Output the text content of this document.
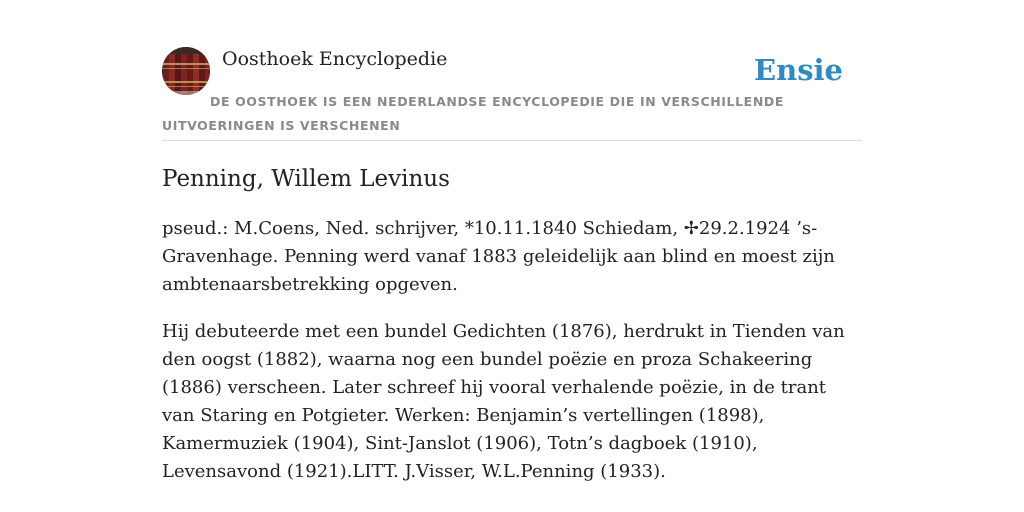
Oosthoek Encyclopedie	Ensie
DE OOSTHOEK IS EEN NEDERLANDSE ENCYCLOPEDIE DIE IN VERSCHILLENDE UITVOERINGEN IS VERSCHENEN
Penning, Willem Levinus

pseud.: M.Coens, Ned. schrijver, *10.11.1840 Schiedam, ✢29.2.1924 ’s-Gravenhage. Penning werd vanaf 1883 geleidelijk aan blind en moest zijn ambtenaarsbetrekking opgeven.

Hij debuteerde met een bundel Gedichten (1876), herdrukt in Tienden van den oogst (1882), waarna nog een bundel poëzie en proza Schakeering (1886) verscheen. Later schreef hij vooral verhalende poëzie, in de trant van Staring en Potgieter. Werken: Benjamin’s vertellingen (1898), Kamermuziek (1904), Sint-Janslot (1906), Totn’s dagboek (1910), Levensavond (1921).LITT. J.Visser, W.L.Penning (1933).
